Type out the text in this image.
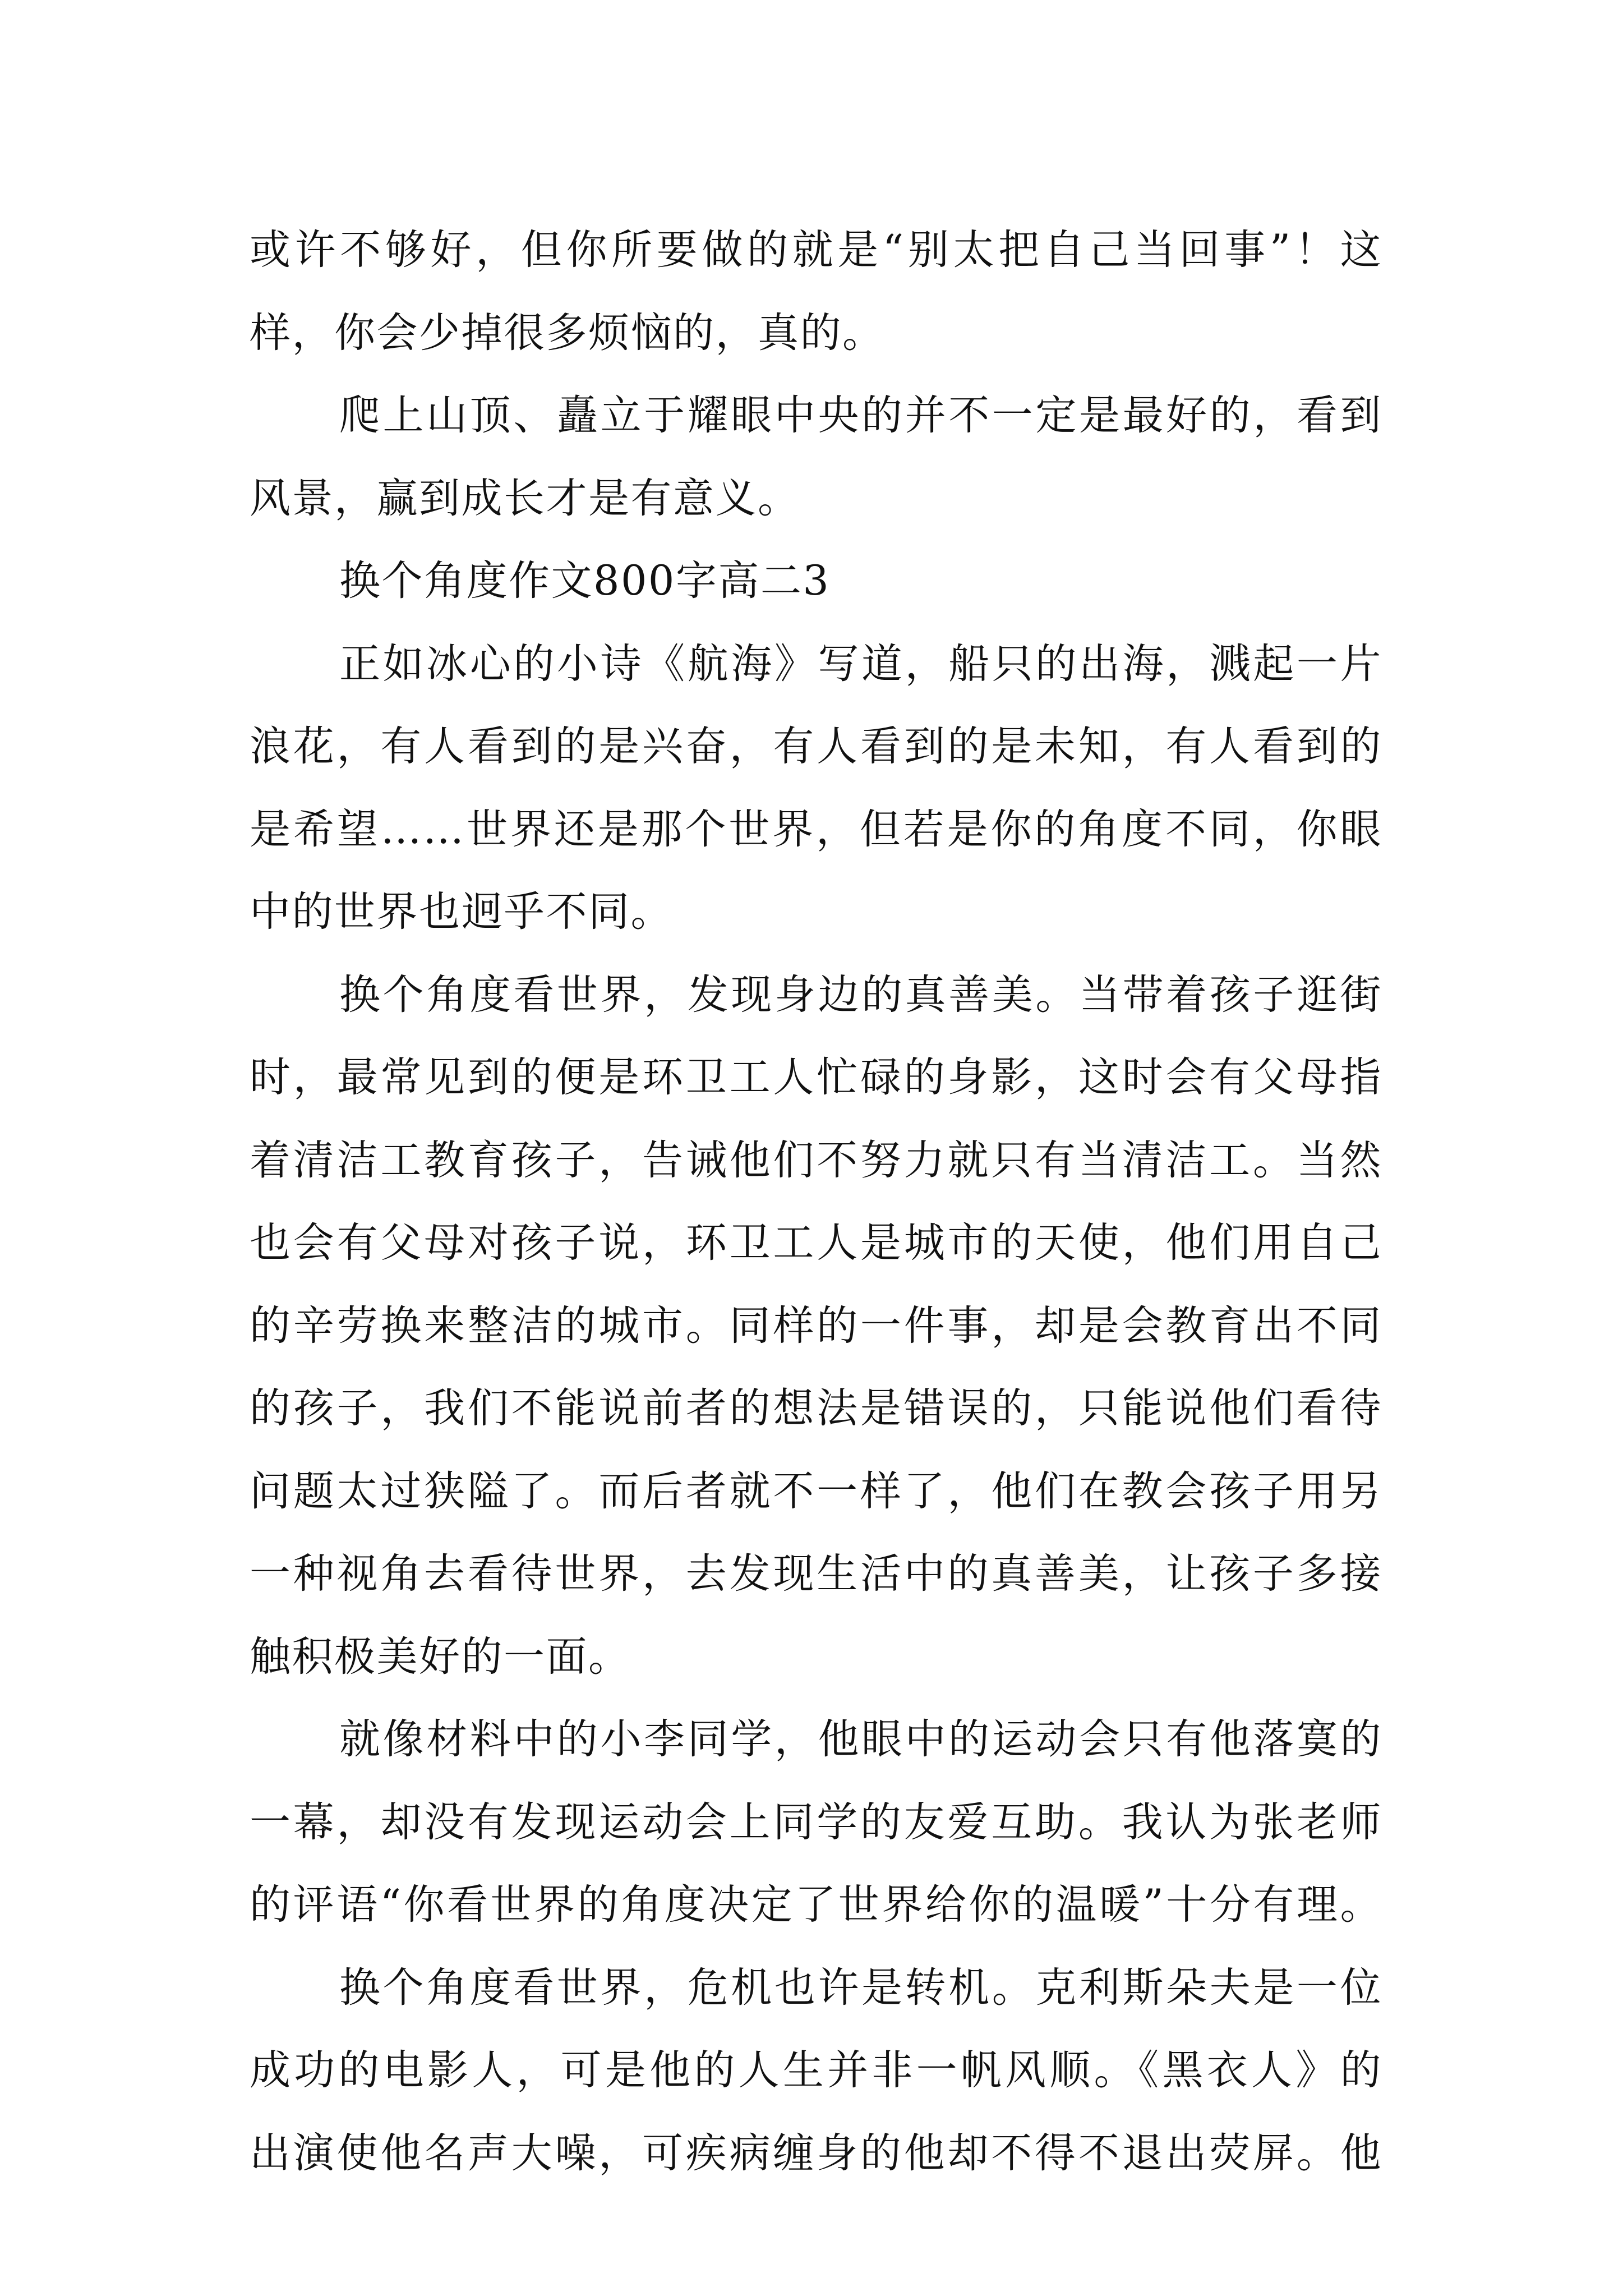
或许不够好，但你所要做的就是“别太把自己当回事”！这
样，你会少掉很多烦恼的，真的。
爬上山顶、矗立于耀眼中央的并不一定是最好的，看到
风景，赢到成长才是有意义。
换个角度作文800字高二3
正如冰心的小诗《航海》写道，船只的出海，溅起一片
浪花，有人看到的是兴奋，有人看到的是未知，有人看到的
是希望……世界还是那个世界，但若是你的角度不同，你眼
中的世界也迥乎不同。
换个角度看世界，发现身边的真善美。当带着孩子逛街
时，最常见到的便是环卫工人忙碌的身影，这时会有父母指
着清洁工教育孩子，告诫他们不努力就只有当清洁工。当然
也会有父母对孩子说，环卫工人是城市的天使，他们用自己
的辛劳换来整洁的城市。同样的一件事，却是会教育出不同
的孩子，我们不能说前者的想法是错误的，只能说他们看待
问题太过狭隘了。而后者就不一样了，他们在教会孩子用另
一种视角去看待世界，去发现生活中的真善美，让孩子多接
触积极美好的一面。
就像材料中的小李同学，他眼中的运动会只有他落寞的
一幕，却没有发现运动会上同学的友爱互助。我认为张老师
的评语“你看世界的角度决定了世界给你的温暖”十分有理。
换个角度看世界，危机也许是转机。克利斯朵夫是一位
成功的电影人，可是他的人生并非一帆风顺。《黑衣人》的
出演使他名声大噪，可疾病缠身的他却不得不退出荧屏。他
